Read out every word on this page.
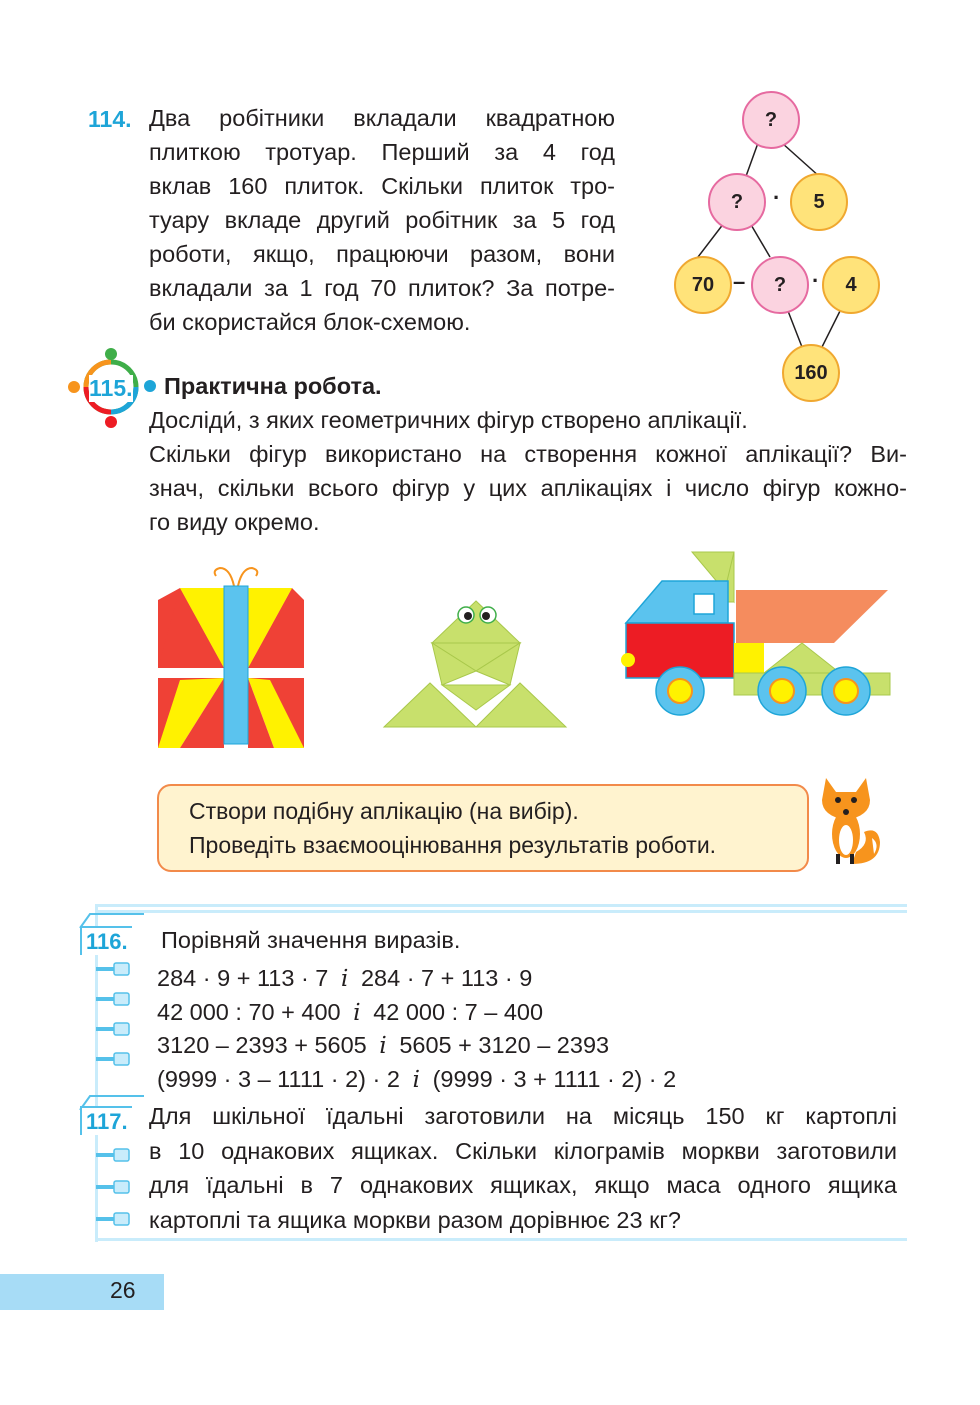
114. Два робітники вкладали квадратною
плиткою тротуар. Перший за 4 год
вклав 160 плиток. Скільки плиток тро-
туару вкладе другий робітник за 5 год
роботи, якщо, працюючи разом, вони
вкладали за 1 год 70 плиток? За потре-
би скористайся блок-схемою.
?
?	·	5
70 –	?	·	4
160
115. Практична робота.
Досліди́, з яких геометричних фігур створено аплікації.
Скільки фігур використано на створення кожної аплікації? Ви-
знач, скільки всього фігур у цих аплікаціях і число фігур кожно-
го виду окремо.
Створи подібну аплікацію (на вибір).
Проведіть взаємооцінювання результатів роботи.
116. Порівняй значення виразів.
284 · 9 + 113 · 7 і 284 · 7 + 113 · 9
42 000 : 70 + 400 і 42 000 : 7 – 400
3120 – 2393 + 5605 і 5605 + 3120 – 2393
(9999 · 3 – 1111 · 2) · 2 і (9999 · 3 + 1111 · 2) · 2
117. Для шкільної їдальні заготовили на місяць 150 кг картоплі
в 10 однакових ящиках. Скільки кілограмів моркви заготовили
для їдальні в 7 однакових ящиках, якщо маса одного ящика
картоплі та ящика моркви разом дорівнює 23 кг?
26
